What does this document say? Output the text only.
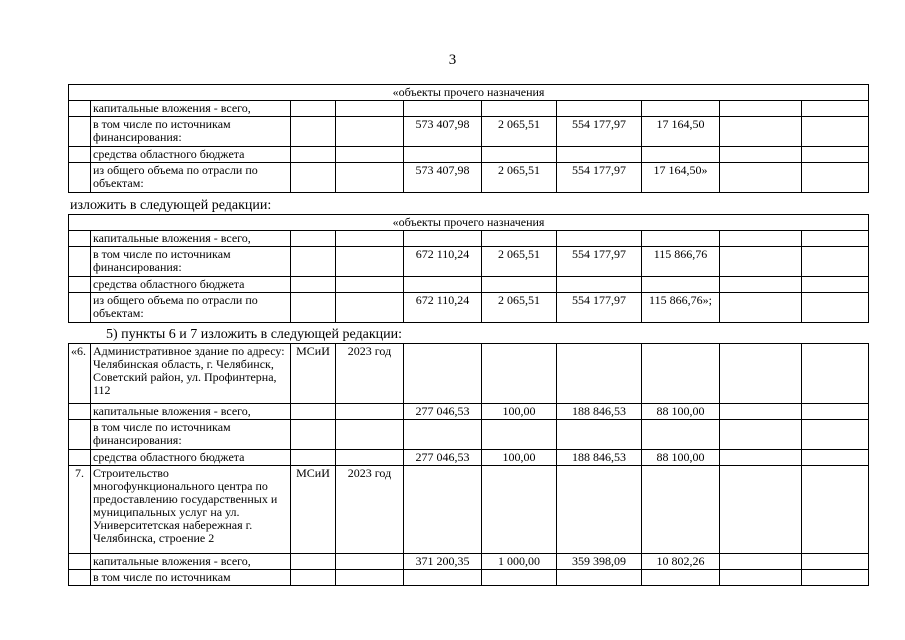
3
«объекты прочего назначения									
	капитальные вложения - всего,								
	в том числе по источникам финансирования:			573 407,98	2 065,51	554 177,97	17 164,50		
	средства областного бюджета								
	из общего объема по отрасли по объектам:			573 407,98	2 065,51	554 177,97	17 164,50»		
изложить в следующей редакции:
«объекты прочего назначения									
	капитальные вложения - всего,								
	в том числе по источникам финансирования:			672 110,24	2 065,51	554 177,97	115 866,76		
	средства областного бюджета								
	из общего объема по отрасли по объектам:			672 110,24	2 065,51	554 177,97	115 866,76»;		
5) пункты 6 и 7 изложить в следующей редакции:
«6.	Административное здание по адресу: Челябинская область, г. Челябинск, Советский район, ул. Профинтерна, 112	МСиИ	2023 год						
	капитальные вложения - всего,			277 046,53	100,00	188 846,53	88 100,00		
	в том числе по источникам финансирования:								
	средства областного бюджета			277 046,53	100,00	188 846,53	88 100,00		
7.	Строительство многофункционального центра по предоставлению государственных и муниципальных услуг на ул. Университетская набережная г. Челябинска, строение 2	МСиИ	2023 год						
	капитальные вложения - всего,			371 200,35	1 000,00	359 398,09	10 802,26		
	в том числе по источникам								
